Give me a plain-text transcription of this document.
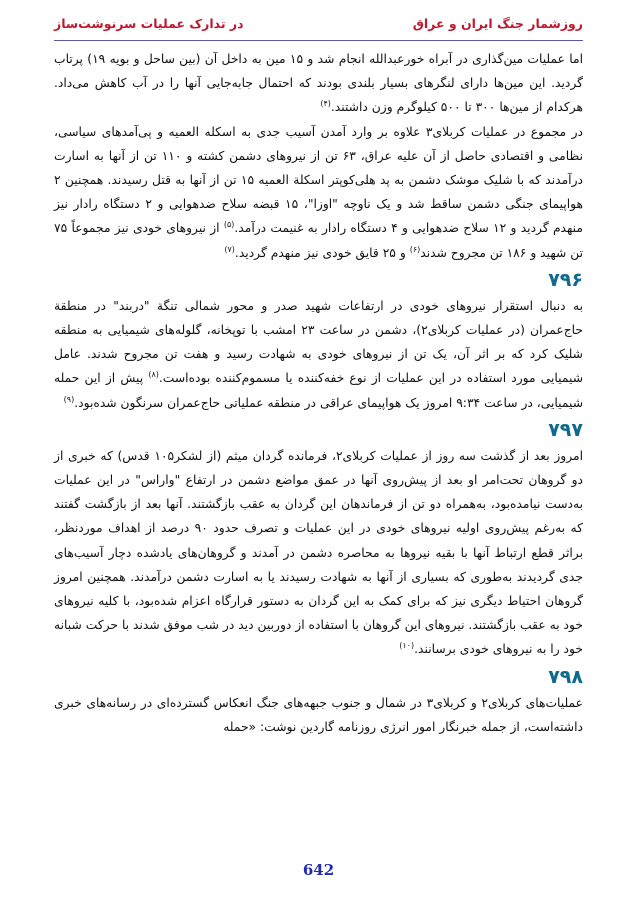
روزشمار جنگ ایران و عراق
در تدارک عملیات سرنوشت‌ساز

اما عملیات مین‌گذاری در آبراه خورعبدالله انجام شد و ۱۵ مین به داخل آن (بین ساحل و بویه ۱۹) پرتاب گردید. این مین‌ها دارای لنگرهای بسیار بلندی بودند که احتمال جابه‌جایی آنها را در آب کاهش می‌داد. هرکدام از مین‌ها ۳۰۰ تا ۵۰۰ کیلوگرم وزن داشتند.$^{(۴)}$

در مجموع در عملیات کربلای۳ علاوه بر وارد آمدن آسیب جدی به اسکله العمیه و پی‌آمدهای سیاسی، نظامی و اقتصادی حاصل از آن علیه عراق، ۶۳ تن از نیروهای دشمن کشته و ۱۱۰ تن از آنها به اسارت درآمدند که با شلیک موشک دشمن به پد هلی‌کوپتر اسکلة العمیه ۱۵ تن از آنها به قتل رسیدند. همچنین ۲ هواپیمای جنگی دشمن ساقط شد و یک ناوچه "اوزا"، ۱۵ قبضه سلاح ضدهوایی و ۲ دستگاه رادار نیز منهدم گردید و ۱۲ سلاح ضدهوایی و ۴ دستگاه رادار به غنیمت درآمد.$^{(۵)}$ از نیروهای خودی نیز مجموعاً ۷۵ تن شهید و ۱۸۶ تن مجروح شدند$^{(۶)}$ و ۲۵ قایق خودی نیز منهدم گردید.$^{(۷)}$

۷۹۶

به دنبال استقرار نیروهای خودی در ارتفاعات شهید صدر و محور شمالی تنگة "دربند" در منطقة حاج‌عمران (در عملیات کربلای۲)، دشمن در ساعت ۲۳ امشب با توپخانه، گلوله‌های شیمیایی به منطقه شلیک کرد که بر اثر آن، یک تن از نیروهای خودی به شهادت رسید و هفت تن مجروح شدند. عامل شیمیایی مورد استفاده در این عملیات از نوع خفه‌کننده یا مسموم‌کننده بوده‌است.$^{(۸)}$ پیش از این حمله شیمیایی، در ساعت ۹:۳۴ امروز یک هواپیمای عراقی در منطقه عملیاتی حاج‌عمران سرنگون شده‌بود.$^{(۹)}$

۷۹۷

امروز بعد از گذشت سه روز از عملیات کربلای۲، فرمانده گردان میثم (از لشکر۱۰۵ قدس) که خبری از دو گروهان تحت‌امر او بعد از پیش‌روی آنها در عمق مواضع دشمن در ارتفاع "واراس" در این عملیات به‌دست نیامده‌بود، به‌همراه دو تن از فرماندهان این گردان به عقب بازگشتند. آنها بعد از بازگشت گفتند که به‌رغم پیش‌روی اولیه نیروهای خودی در این عملیات و تصرف حدود ۹۰ درصد از اهداف موردنظر، براثر قطع ارتباط آنها با بقیه نیروها به محاصره دشمن در آمدند و گروهان‌های یادشده دچار آسیب‌های جدی گردیدند به‌طوری که بسیاری از آنها به شهادت رسیدند یا به اسارت دشمن درآمدند. همچنین امروز گروهان احتیاط دیگری نیز که برای کمک به این گردان به دستور قرارگاه اعزام شده‌بود، با کلیه نیروهای خود به عقب بازگشتند. نیروهای این گروهان با استفاده از دوربین دید در شب موفق شدند با حرکت شبانه خود را به نیروهای خودی برسانند.$^{(۱۰)}$

۷۹۸

عملیات‌های کربلای۲ و کربلای۳ در شمال و جنوب جبهه‌های جنگ انعکاس گسترده‌ای در رسانه‌های خبری داشته‌است، از جمله خبرنگار امور انرژی روزنامه گاردین نوشت: «حمله

642
